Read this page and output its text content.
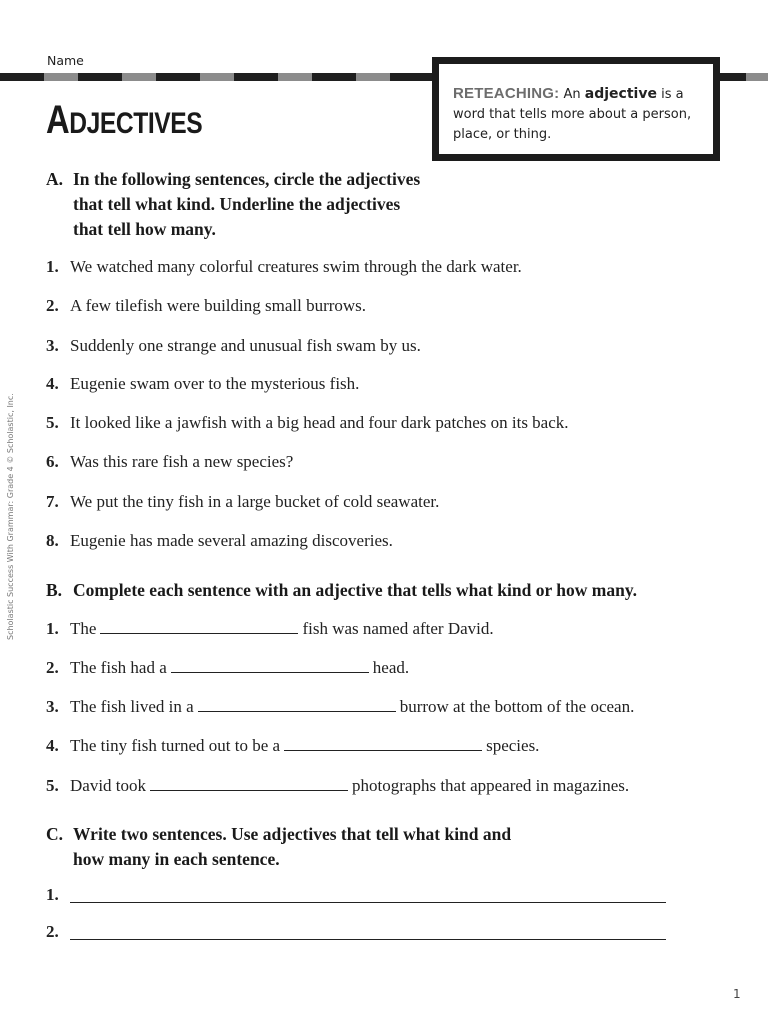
Name
ADJECTIVES
RETEACHING: An adjective is a word that tells more about a person, place, or thing.
A. In the following sentences, circle the adjectives
that tell what kind. Underline the adjectives
that tell how many.
1. We watched many colorful creatures swim through the dark water.
2. A few tilefish were building small burrows.
3. Suddenly one strange and unusual fish swam by us.
4. Eugenie swam over to the mysterious fish.
5. It looked like a jawfish with a big head and four dark patches on its back.
6. Was this rare fish a new species?
7. We put the tiny fish in a large bucket of cold seawater.
8. Eugenie has made several amazing discoveries.
B. Complete each sentence with an adjective that tells what kind or how many.
1. The	fish was named after David.
2. The fish had a	head.
3. The fish lived in a	burrow at the bottom of the ocean.
4. The tiny fish turned out to be a	species.
5. David took	photographs that appeared in magazines.
C. Write two sentences. Use adjectives that tell what kind and
how many in each sentence.
1.
2.
Scholastic Success With Grammar: Grade 4 © Scholastic, Inc.
1
